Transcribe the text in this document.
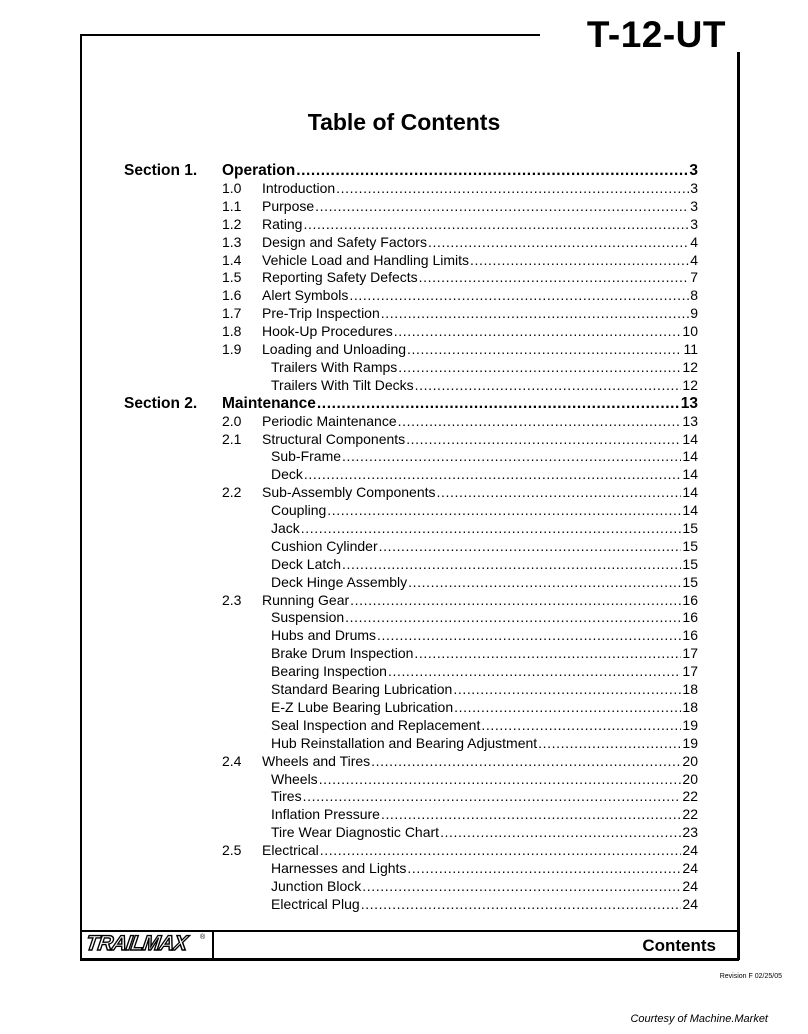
T-12-UT
Table of Contents
Section 1. Operation .....	3
1.0 Introduction .....	3
1.1 Purpose .....	3
1.2 Rating .....	3
1.3 Design and Safety Factors .....	4
1.4 Vehicle Load and Handling Limits .....	4
1.5 Reporting Safety Defects .....	7
1.6 Alert Symbols .....	8
1.7 Pre-Trip Inspection .....	9
1.8 Hook-Up Procedures .....	10
1.9 Loading and Unloading .....	11
Trailers With Ramps .....	12
Trailers With Tilt Decks .....	12
Section 2. Maintenance .....	13
2.0 Periodic Maintenance .....	13
2.1 Structural Components .....	14
Sub-Frame .....	14
Deck .....	14
2.2 Sub-Assembly Components .....	14
Coupling .....	14
Jack .....	15
Cushion Cylinder .....	15
Deck Latch .....	15
Deck Hinge Assembly .....	15
2.3 Running Gear .....	16
Suspension .....	16
Hubs and Drums .....	16
Brake Drum Inspection .....	17
Bearing Inspection .....	17
Standard Bearing Lubrication .....	18
E-Z Lube Bearing Lubrication .....	18
Seal Inspection and Replacement .....	19
Hub Reinstallation and Bearing Adjustment .....	19
2.4 Wheels and Tires .....	20
Wheels .....	20
Tires .....	22
Inflation Pressure .....	22
Tire Wear Diagnostic Chart .....	23
2.5 Electrical .....	24
Harnesses and Lights .....	24
Junction Block .....	24
Electrical Plug .....	24
TRAILMAX ®	Contents
Revision F 02/25/05
Courtesy of Machine.Market
